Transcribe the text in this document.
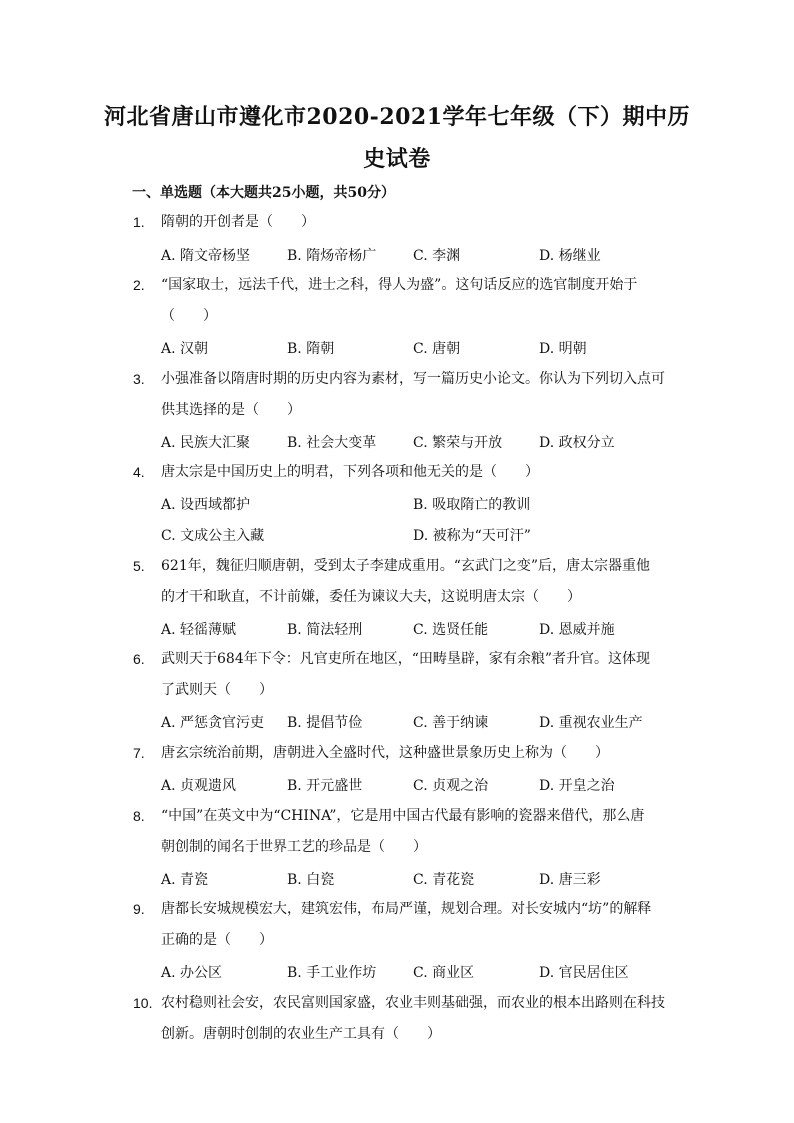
河北省唐山市遵化市2020-2021学年七年级（下）期中历
史试卷
一、单选题（本大题共25小题，共50分）
1. 隋朝的开创者是（　　）
A. 隋文帝杨坚	B. 隋炀帝杨广	C. 李渊	D. 杨继业
2. “国家取士，远法千代，进士之科，得人为盛”。这句话反应的选官制度开始于
（　　）
A. 汉朝	B. 隋朝	C. 唐朝	D. 明朝
3. 小强准备以隋唐时期的历史内容为素材，写一篇历史小论文。你认为下列切入点可
供其选择的是（　　）
A. 民族大汇聚	B. 社会大变革	C. 繁荣与开放	D. 政权分立
4. 唐太宗是中国历史上的明君，下列各项和他无关的是（　　）
A. 设西域都护	B. 吸取隋亡的教训
C. 文成公主入藏	D. 被称为“天可汗”
5. 621年，魏征归顺唐朝，受到太子李建成重用。“玄武门之变”后，唐太宗器重他
的才干和耿直，不计前嫌，委任为谏议大夫，这说明唐太宗（　　）
A. 轻徭薄赋	B. 简法轻刑	C. 选贤任能	D. 恩威并施
6. 武则天于684年下令：凡官吏所在地区，“田畴垦辟，家有余粮”者升官。这体现
了武则天（　　）
A. 严惩贪官污吏 B. 提倡节俭	C. 善于纳谏	D. 重视农业生产
7. 唐玄宗统治前期，唐朝进入全盛时代，这种盛世景象历史上称为（　　）
A. 贞观遗风	B. 开元盛世	C. 贞观之治	D. 开皇之治
8. “中国”在英文中为“CHINA”，它是用中国古代最有影响的瓷器来借代，那么唐
朝创制的闻名于世界工艺的珍品是（　　）
A. 青瓷	B. 白瓷	C. 青花瓷	D. 唐三彩
9. 唐都长安城规模宏大，建筑宏伟，布局严谨，规划合理。对长安城内“坊”的解释
正确的是（　　）
A. 办公区	B. 手工业作坊	C. 商业区	D. 官民居住区
10. 农村稳则社会安，农民富则国家盛，农业丰则基础强，而农业的根本出路则在科技
创新。唐朝时创制的农业生产工具有（　　）
